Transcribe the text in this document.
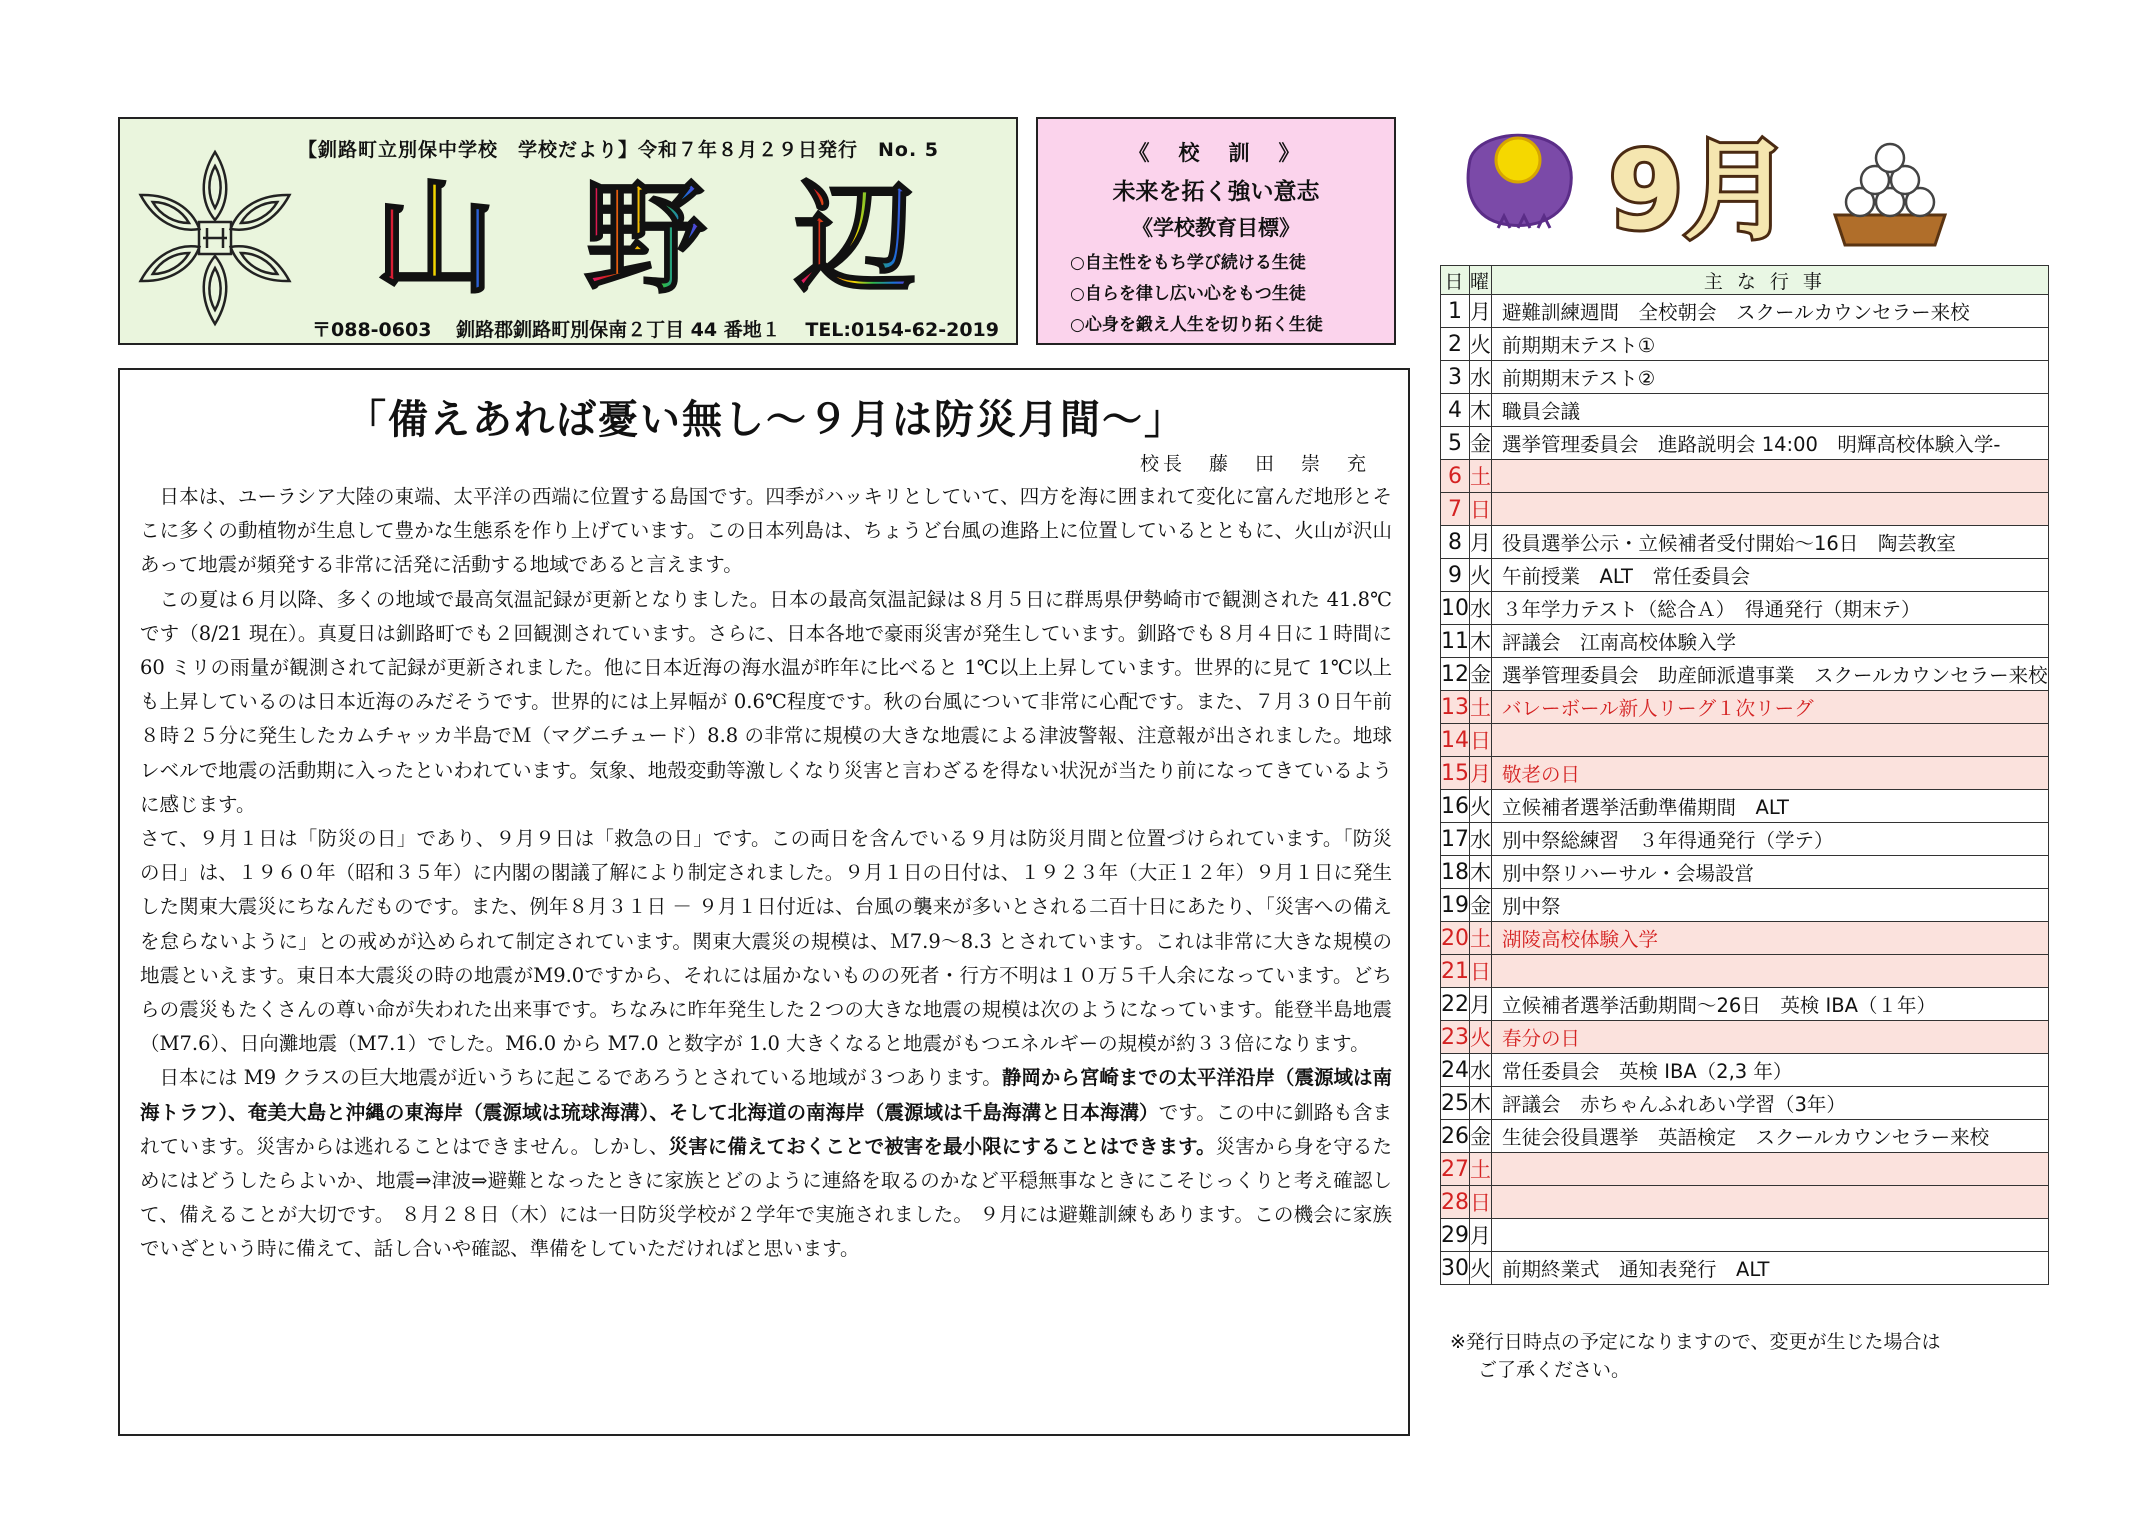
【釧路町立別保中学校　学校だより】令和７年８月２９日発行　No. 5
山 野 辺
〒088-0603 釧路郡釧路町別保南２丁目 44 番地１ TEL:0154-62-2019
《　校　訓　》
未来を拓く強い意志
《学校教育目標》
○自主性をもち学び続ける生徒
○自らを律し広い心をもつ生徒
○心身を鍛え人生を切り拓く生徒
9月
「備えあれば憂い無し～９月は防災月間～」
校長　藤　田　崇　充

日本は、ユーラシア大陸の東端、太平洋の西端に位置する島国です。四季がハッキリとしていて、四方を海に囲まれて変化に富んだ地形とそこに多くの動植物が生息して豊かな生態系を作り上げています。この日本列島は、ちょうど台風の進路上に位置しているとともに、火山が沢山あって地震が頻発する非常に活発に活動する地域であると言えます。

この夏は６月以降、多くの地域で最高気温記録が更新となりました。日本の最高気温記録は８月５日に群馬県伊勢崎市で観測された 41.8℃です（8/21 現在）。真夏日は釧路町でも２回観測されています。さらに、日本各地で豪雨災害が発生しています。釧路でも８月４日に１時間に 60 ミリの雨量が観測されて記録が更新されました。他に日本近海の海水温が昨年に比べると 1℃以上上昇しています。世界的に見て 1℃以上も上昇しているのは日本近海のみだそうです。世界的には上昇幅が 0.6℃程度です。秋の台風について非常に心配です。また、７月３０日午前８時２５分に発生したカムチャッカ半島でＭ（マグニチュード）8.8 の非常に規模の大きな地震による津波警報、注意報が出されました。地球レベルで地震の活動期に入ったといわれています。気象、地殻変動等激しくなり災害と言わざるを得ない状況が当たり前になってきているように感じます。

さて、９月１日は「防災の日」であり、９月９日は「救急の日」です。この両日を含んでいる９月は防災月間と位置づけられています。「防災の日」は、１９６０年（昭和３５年）に内閣の閣議了解により制定されました。９月１日の日付は、１９２３年（大正１２年）９月１日に発生した関東大震災にちなんだものです。また、例年８月３１日 － ９月１日付近は、台風の襲来が多いとされる二百十日にあたり、「災害への備えを怠らないように」との戒めが込められて制定されています。関東大震災の規模は、Ｍ7.9～8.3 とされています。これは非常に大きな規模の地震といえます。東日本大震災の時の地震がM9.0ですから、それには届かないものの死者・行方不明は１０万５千人余になっています。どちらの震災もたくさんの尊い命が失われた出来事です。ちなみに昨年発生した２つの大きな地震の規模は次のようになっています。能登半島地震（M7.6）、日向灘地震（M7.1）でした。M6.0 から M7.0 と数字が 1.0 大きくなると地震がもつエネルギーの規模が約３３倍になります。

日本には M9 クラスの巨大地震が近いうちに起こるであろうとされている地域が３つあります。静岡から宮崎までの太平洋沿岸（震源域は南海トラフ）、奄美大島と沖縄の東海岸（震源域は琉球海溝）、そして北海道の南海岸（震源域は千島海溝と日本海溝）です。この中に釧路も含まれています。災害からは逃れることはできません。しかし、災害に備えておくことで被害を最小限にすることはできます。災害から身を守るためにはどうしたらよいか、地震⇒津波⇒避難となったときに家族とどのように連絡を取るのかなど平穏無事なときにこそじっくりと考え確認して、備えることが大切です。 ８月２８日（木）には一日防災学校が２学年で実施されました。 ９月には避難訓練もあります。この機会に家族でいざという時に備えて、話し合いや確認、準備をしていただければと思います。

日	曜	主な行事
1	月	避難訓練週間　全校朝会　スクールカウンセラー来校
2	火	前期期末テスト①
3	水	前期期末テスト②
4	木	職員会議
5	金	選挙管理委員会　進路説明会 14:00　明輝高校体験入学-
6	土	
7	日	
8	月	役員選挙公示・立候補者受付開始～16日　陶芸教室
9	火	午前授業　ALT　常任委員会
10	水	３年学力テスト（総合Ａ）　得通発行（期末テ）
11	木	評議会　江南高校体験入学
12	金	選挙管理委員会　助産師派遣事業　スクールカウンセラー来校
13	土	バレーボール新人リーグ１次リーグ
14	日	
15	月	敬老の日
16	火	立候補者選挙活動準備期間　ALT
17	水	別中祭総練習　３年得通発行（学テ）
18	木	別中祭リハーサル・会場設営
19	金	別中祭
20	土	湖陵高校体験入学
21	日	
22	月	立候補者選挙活動期間～26日　英検 IBA（１年）
23	火	春分の日
24	水	常任委員会　英検 IBA（2,3 年）
25	木	評議会　赤ちゃんふれあい学習（3年）
26	金	生徒会役員選挙　英語検定　スクールカウンセラー来校
27	土	
28	日	
29	月	
30	火	前期終業式　通知表発行　ALT
※発行日時点の予定になりますので、変更が生じた場合は
ご了承ください。
